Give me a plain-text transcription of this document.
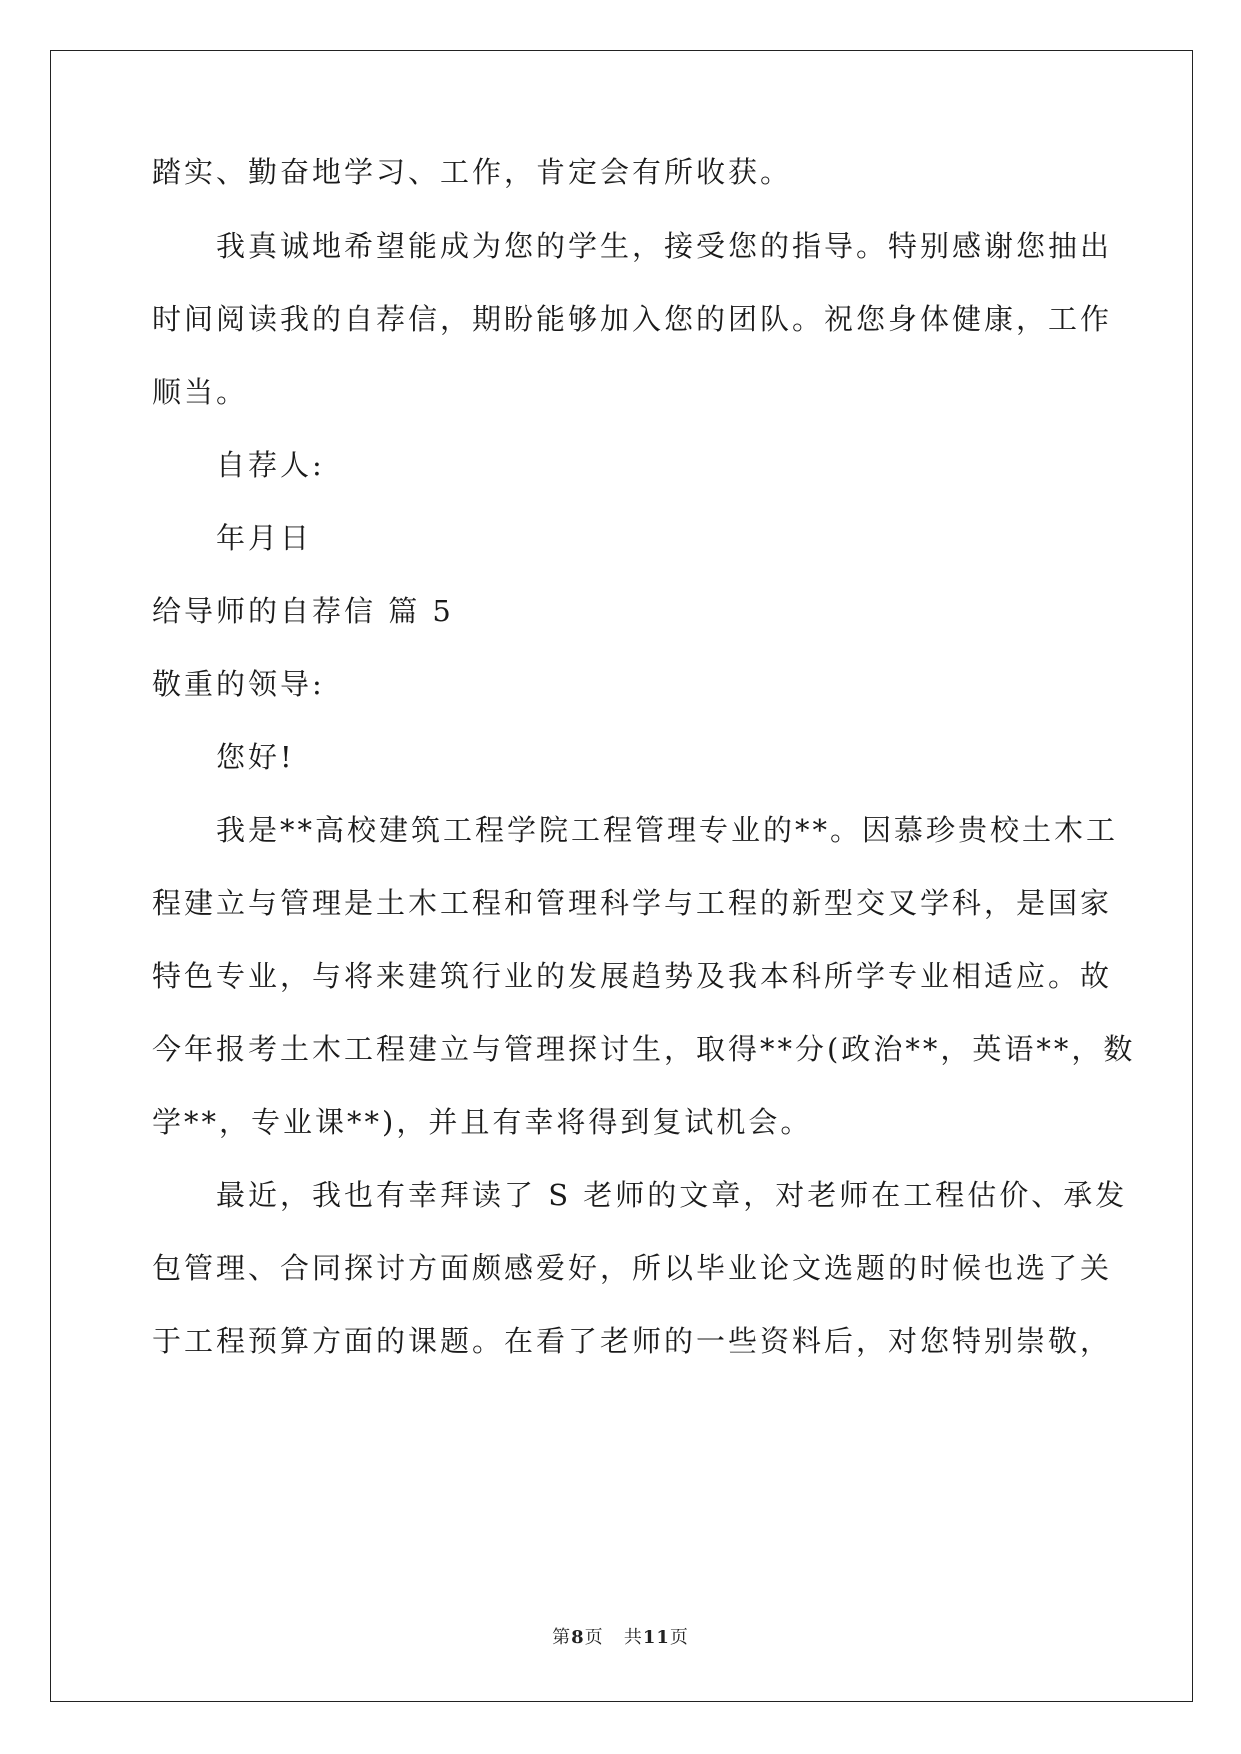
踏实、勤奋地学习、工作，肯定会有所收获。
我真诚地希望能成为您的学生，接受您的指导。特别感谢您抽出
时间阅读我的自荐信，期盼能够加入您的团队。祝您身体健康，工作
顺当。
自荐人:
年月日
给导师的自荐信 篇 5
敬重的领导:
您好!
我是**高校建筑工程学院工程管理专业的**。因慕珍贵校土木工
程建立与管理是土木工程和管理科学与工程的新型交叉学科，是国家
特色专业，与将来建筑行业的发展趋势及我本科所学专业相适应。故
今年报考土木工程建立与管理探讨生，取得**分(政治**，英语**，数
学**，专业课**)，并且有幸将得到复试机会。
最近，我也有幸拜读了 S 老师的文章，对老师在工程估价、承发
包管理、合同探讨方面颇感爱好，所以毕业论文选题的时候也选了关
于工程预算方面的课题。在看了老师的一些资料后，对您特别崇敬，
第8页 共11页
